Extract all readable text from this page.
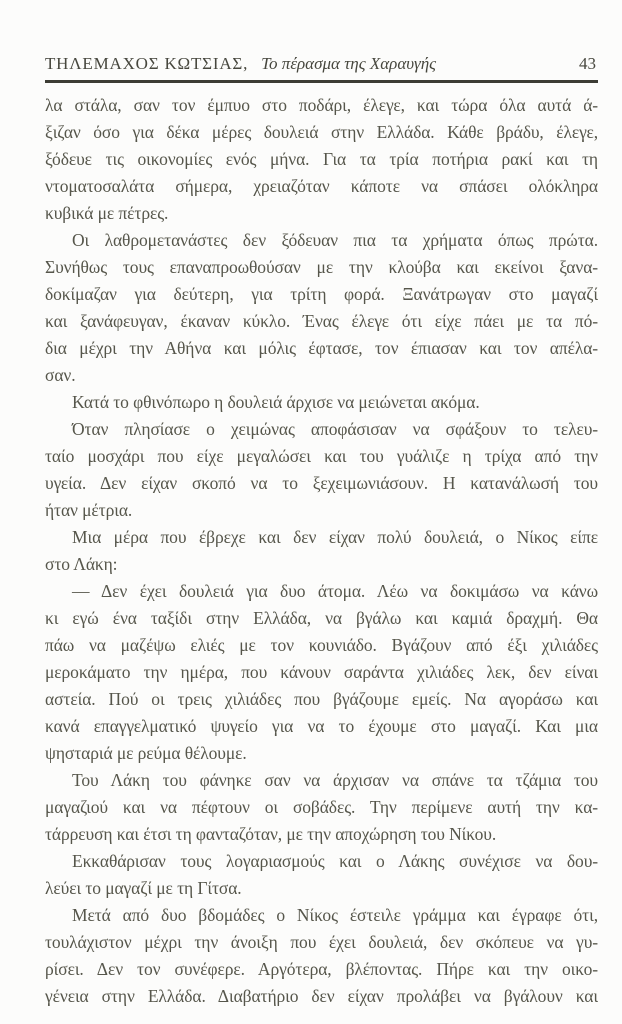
ΤΗΛΕΜΑΧΟΣ ΚΩΤΣΙΑΣ, Το πέρασμα της Χαραυγής	43
λα στάλα, σαν τον έμπυο στο ποδάρι, έλεγε, και τώρα όλα αυτά ά-
ξιζαν όσο για δέκα μέρες δουλειά στην Ελλάδα. Κάθε βράδυ, έλεγε,
ξόδευε τις οικονομίες ενός μήνα. Για τα τρία ποτήρια ρακί και τη
ντοματοσαλάτα σήμερα, χρειαζόταν κάποτε να σπάσει ολόκληρα
κυβικά με πέτρες.
Οι λαθρομετανάστες δεν ξόδευαν πια τα χρήματα όπως πρώτα.
Συνήθως τους επαναπροωθούσαν με την κλούβα και εκείνοι ξανα-
δοκίμαζαν για δεύτερη, για τρίτη φορά. Ξανάτρωγαν στο μαγαζί
και ξανάφευγαν, έκαναν κύκλο. Ένας έλεγε ότι είχε πάει με τα πό-
δια μέχρι την Αθήνα και μόλις έφτασε, τον έπιασαν και τον απέλα-
σαν.
Κατά το φθινόπωρο η δουλειά άρχισε να μειώνεται ακόμα.
Όταν πλησίασε ο χειμώνας αποφάσισαν να σφάξουν το τελευ-
ταίο μοσχάρι που είχε μεγαλώσει και του γυάλιζε η τρίχα από την
υγεία. Δεν είχαν σκοπό να το ξεχειμωνιάσουν. Η κατανάλωσή του
ήταν μέτρια.
Μια μέρα που έβρεχε και δεν είχαν πολύ δουλειά, ο Νίκος είπε
στο Λάκη:
— Δεν έχει δουλειά για δυο άτομα. Λέω να δοκιμάσω να κάνω
κι εγώ ένα ταξίδι στην Ελλάδα, να βγάλω και καμιά δραχμή. Θα
πάω να μαζέψω ελιές με τον κουνιάδο. Βγάζουν από έξι χιλιάδες
μεροκάματο την ημέρα, που κάνουν σαράντα χιλιάδες λεκ, δεν είναι
αστεία. Πού οι τρεις χιλιάδες που βγάζουμε εμείς. Να αγοράσω και
κανά επαγγελματικό ψυγείο για να το έχουμε στο μαγαζί. Και μια
ψησταριά με ρεύμα θέλουμε.
Του Λάκη του φάνηκε σαν να άρχισαν να σπάνε τα τζάμια του
μαγαζιού και να πέφτουν οι σοβάδες. Την περίμενε αυτή την κα-
τάρρευση και έτσι τη φανταζόταν, με την αποχώρηση του Νίκου.
Εκκαθάρισαν τους λογαριασμούς και ο Λάκης συνέχισε να δου-
λεύει το μαγαζί με τη Γίτσα.
Μετά από δυο βδομάδες ο Νίκος έστειλε γράμμα και έγραφε ότι,
τουλάχιστον μέχρι την άνοιξη που έχει δουλειά, δεν σκόπευε να γυ-
ρίσει. Δεν τον συνέφερε. Αργότερα, βλέποντας. Πήρε και την οικο-
γένεια στην Ελλάδα. Διαβατήριο δεν είχαν προλάβει να βγάλουν και
